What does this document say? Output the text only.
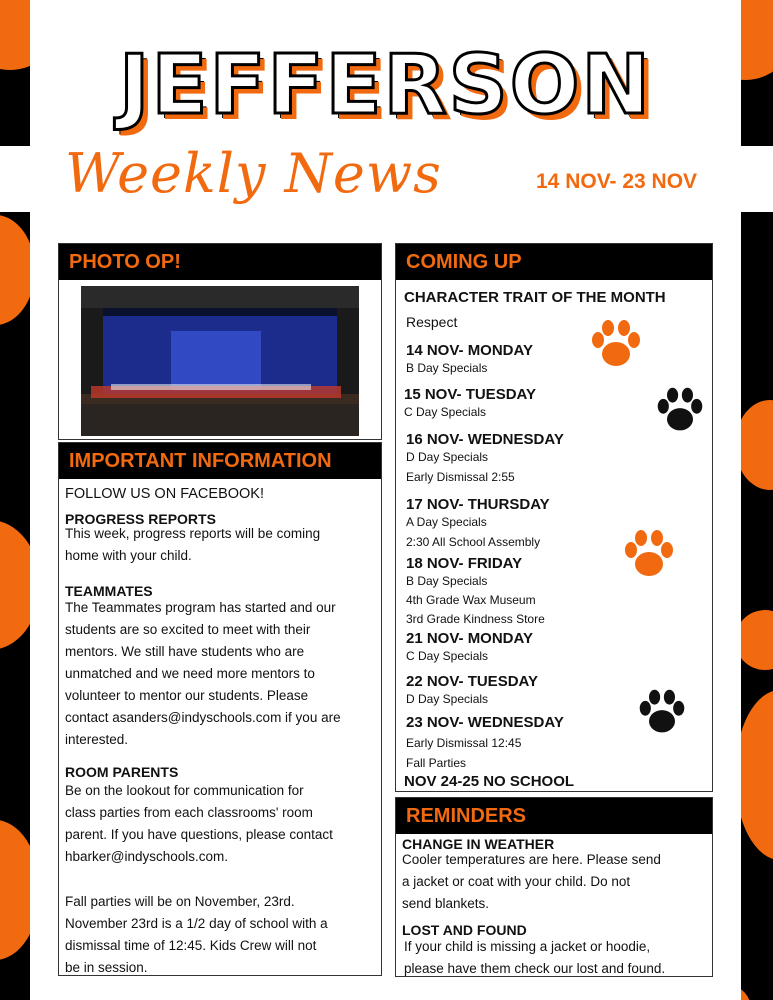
JEFFERSON
Weekly News	14 NOV- 23 NOV
PHOTO OP!
IMPORTANT INFORMATION
FOLLOW US ON FACEBOOK!
PROGRESS REPORTS
This week, progress reports will be coming
home with your child.
TEAMMATES
The Teammates program has started and our
students are so excited to meet with their
mentors. We still have students who are
unmatched and we need more mentors to
volunteer to mentor our students. Please
contact asanders@indyschools.com if you are
interested.
ROOM PARENTS
Be on the lookout for communication for
class parties from each classrooms' room
parent. If you have questions, please contact
hbarker@indyschools.com.
Fall parties will be on November, 23rd.
November 23rd is a 1/2 day of school with a
dismissal time of 12:45. Kids Crew will not
be in session.
COMING UP
CHARACTER TRAIT OF THE MONTH
Respect
14 NOV- MONDAY
B Day Specials
15 NOV- TUESDAY
C Day Specials
16 NOV- WEDNESDAY
D Day Specials
Early Dismissal 2:55
17 NOV- THURSDAY
A Day Specials
2:30 All School Assembly
18 NOV- FRIDAY
B Day Specials
4th Grade Wax Museum
3rd Grade Kindness Store
21 NOV- MONDAY
C Day Specials
22 NOV- TUESDAY
D Day Specials
23 NOV- WEDNESDAY
Early Dismissal 12:45
Fall Parties
NOV 24-25 NO SCHOOL
REMINDERS
CHANGE IN WEATHER
Cooler temperatures are here. Please send
a jacket or coat with your child. Do not
send blankets.
LOST AND FOUND
If your child is missing a jacket or hoodie,
please have them check our lost and found.
